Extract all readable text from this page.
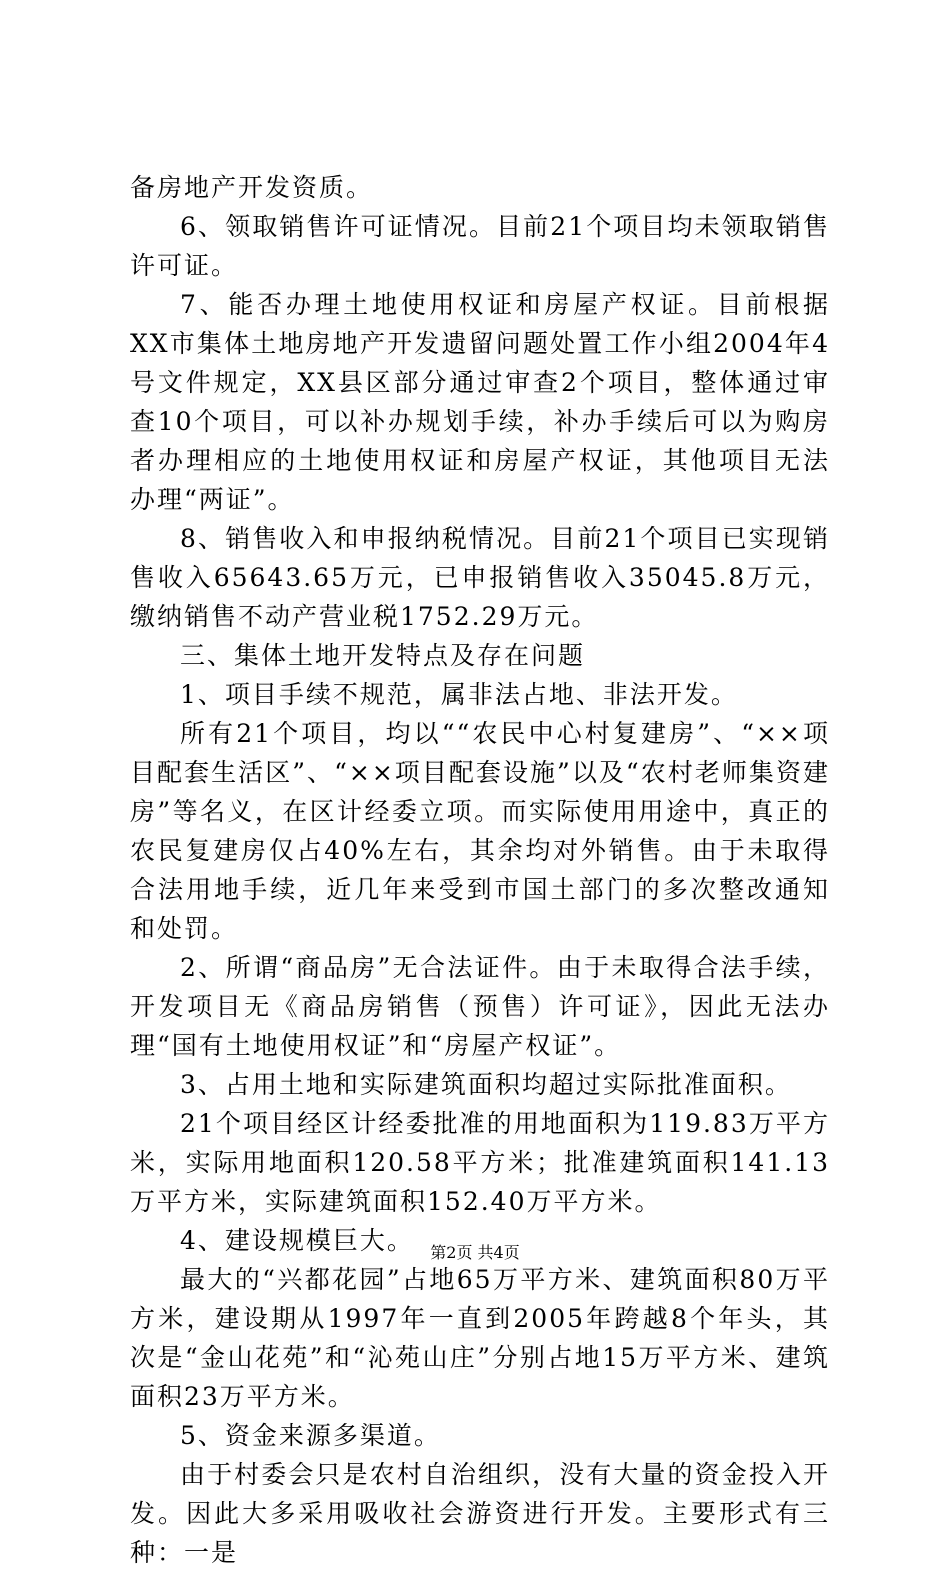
备房地产开发资质。

6、领取销售许可证情况。目前21个项目均未领取销售许可证。

7、能否办理土地使用权证和房屋产权证。目前根据XX市集体土地房地产开发遗留问题处置工作小组2004年4号文件规定，XX县区部分通过审查2个项目，整体通过审查10个项目，可以补办规划手续，补办手续后可以为购房者办理相应的土地使用权证和房屋产权证，其他项目无法办理“两证”。

8、销售收入和申报纳税情况。目前21个项目已实现销售收入65643.65万元，已申报销售收入35045.8万元，缴纳销售不动产营业税1752.29万元。

三、集体土地开发特点及存在问题

1、项目手续不规范，属非法占地、非法开发。

所有21个项目，均以““农民中心村复建房”、“××项目配套生活区”、“××项目配套设施”以及“农村老师集资建房”等名义，在区计经委立项。而实际使用用途中，真正的农民复建房仅占40%左右，其余均对外销售。由于未取得合法用地手续，近几年来受到市国土部门的多次整改通知和处罚。

2、所谓“商品房”无合法证件。由于未取得合法手续，开发项目无《商品房销售（预售）许可证》，因此无法办理“国有土地使用权证”和“房屋产权证”。

3、占用土地和实际建筑面积均超过实际批准面积。

21个项目经区计经委批准的用地面积为119.83万平方米，实际用地面积120.58平方米；批准建筑面积141.13万平方米，实际建筑面积152.40万平方米。

4、建设规模巨大。

最大的“兴都花园”占地65万平方米、建筑面积80万平方米，建设期从1997年一直到2005年跨越8个年头，其次是“金山花苑”和“沁苑山庄”分别占地15万平方米、建筑面积23万平方米。

5、资金来源多渠道。

由于村委会只是农村自治组织，没有大量的资金投入开发。因此大多采用吸收社会游资进行开发。主要形式有三种：一是

第2页 共4页
